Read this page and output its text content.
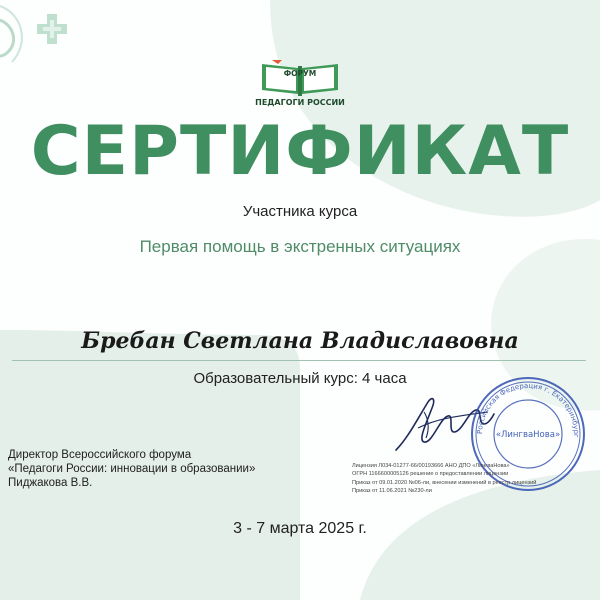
ФОРУМ
ПЕДАГОГИ РОССИИ
СЕРТИФИКАТ
Участника курса
Первая помощь в экстренных ситуациях
Бребан Светлана Владиславовна
Образовательный курс: 4 часа
Российская Федерация г. Екатеринбург
«ЛингваНова»
Директор Всероссийского форума
«Педагоги России: инновации в образовании»
Пиджакова В.В.
Лицензия Л034-01277-66/00193666 АНО ДПО «ЛингваНова»
ОГРН 1166600005126 решение о предоставлении лицензии
Приказ от 09.01.2020 №06-ли, внесении изменений в реестр лицензий
Приказ от 11.06.2021 №230-ли
3 - 7 марта 2025 г.
